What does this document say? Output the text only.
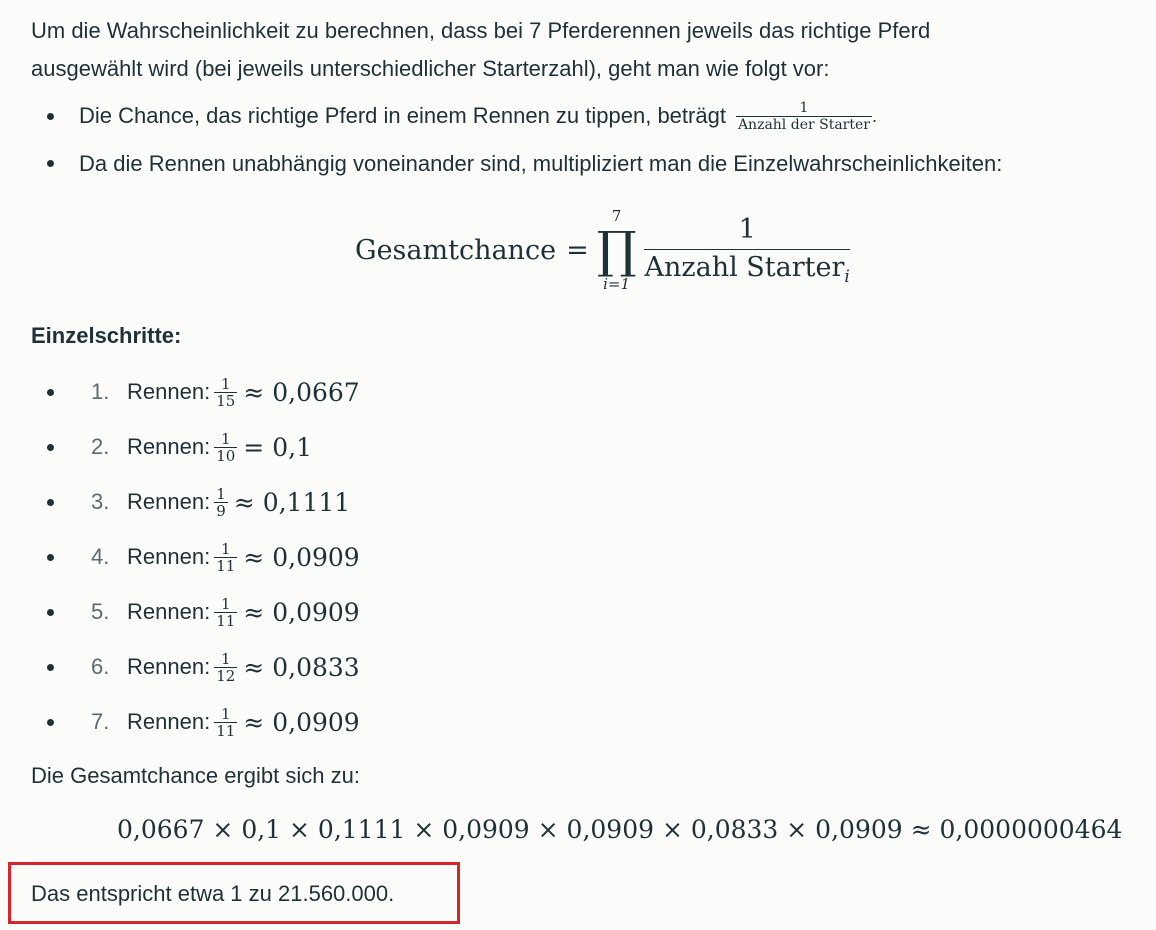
Um die Wahrscheinlichkeit zu berechnen, dass bei 7 Pferderennen jeweils das richtige Pferd
ausgewählt wird (bei jeweils unterschiedlicher Starterzahl), geht man wie folgt vor:
Die Chance, das richtige Pferd in einem Rennen zu tippen, beträgt $\frac{1}{\text{Anzahl der Starter}}$ .
Da die Rennen unabhängig voneinander sind, multipliziert man die Einzelwahrscheinlichkeiten:
Gesamtchance =
7
∏
$i=1 \frac{1}{Anzahl Starter_i}$
Einzelschritte:
1. Rennen: $\frac{1}{15} \approx 0,0667$
2. Rennen: $\frac{1}{10} = 0,1$
3. Rennen: $\frac{1}{9} \approx 0,1111$
4. Rennen: $\frac{1}{11} \approx 0,0909$
5. Rennen: $\frac{1}{11} \approx 0,0909$
6. Rennen: $\frac{1}{12} \approx 0,0833$
7. Rennen: $\frac{1}{11} \approx 0,0909$
Die Gesamtchance ergibt sich zu:
0,0667 × 0,1 × 0,1111 × 0,0909 × 0,0909 × 0,0833 × 0,0909 ≈ 0,0000000464
Das entspricht etwa 1 zu 21.560.000.
